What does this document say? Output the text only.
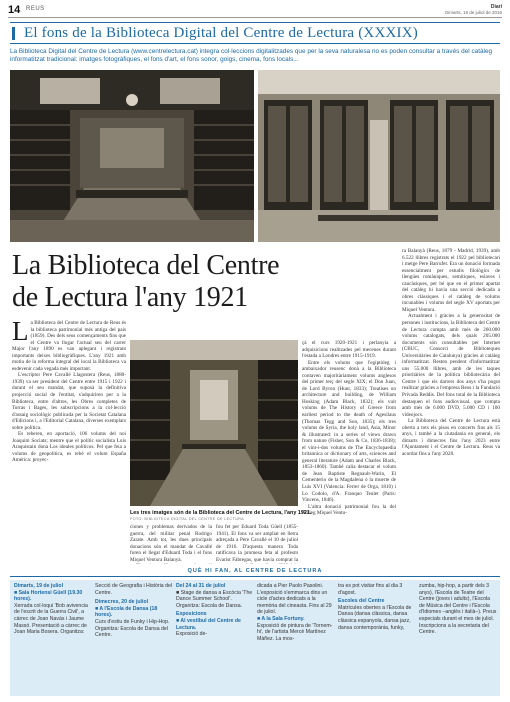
14 REUS	Diari
Dimarts, 19 de juliol de 2016
El fons de la Biblioteca Digital del Centre de Lectura (XXXIX)
La Biblioteca Digital del Centre de Lectura (www.centrelectura.cat) integra col·leccions digitalitzades que per la seva naturalesa no es poden consultar a través del catàleg informatitzat tradicional: imatges fotogràfiques, el fons d'art, el fons sonor, goigs, cinema, fons locals...
La Biblioteca del Centre de Lectura l'any 1921
Les tres imatges són de la Biblioteca del Centre de Lectura, l'any 1921.
FOTO: BIBLIOTECA DIGITAL DEL CENTRE DE LECTURA

La Biblioteca del Centre de Lectura de Reus és la biblioteca patrimonial més antiga del país (1859). Des dels seus començaments fins que el Centre va llogar l'actual seu del carrer Major l'any 1890 es van aplegant i registrant importants deixes bibliogràfiques. L'any 1921 amb motiu de la reforma integral del local la Biblioteca va esdevenir cada vegada més important.

L'escriptor Pere Cavallé Llagostera (Reus, 1880-1939) va ser president del Centre entre 1915 i 1922 i durant el seu mandat, que suposà la definitiva projecció social de l'entitat, s'adquiriren per a la Biblioteca, entre d'altres, les Obres completes de Torras i Bages, les subscripcions a la col·lecció d'assaig sociològic publicada per la Societat Catalana d'Edicions i, a l'Editorial Catalana, diverses exemplars sobre política.

Es reberen, en aportació, 106 volums del noi Joaquim Sociats; mentre que el polític socialista Luis Araquistain donà Los ideales políticos. Pel que feia a volums de geopolítica, es rebé el volum España América: proyec-

ciones y problemas derivados de la guerra, del militar penal Rodrigo Zarate. Amb tot, les dues principals donacions són el mandat de Cavallé foren el llegat d'Eduard Toda i el fons Miquel Ventura Balanyà.

fou fet per Eduard Toda Güell (1855-1941). El fons va ser ampliat en lletra adreçada a Pere Cavallé el 10 de juliol de 1916. D'aquesta manera Toda ratificava la promesa feta al profesm Evarist Fàbregas, que havia comprat la

çà el curs 1920-1921 i perlanyia a adquisicions realitzades pel mecenes durant l'estada a Londres entre 1915-1919.

Entre els volums que l'egiptòleg i ambaixador reusenc donà a la Biblioteca contaven majoritàriament volums anglesos del primer terç del segle XIX; el Don Juan, de Lord Byron (Hunt, 1833); Treatises on architecture and building, de William Hosking (Adam Black, 1832); els vuit volums de The History of Greece from earliest period to the death of Agesilaus (Thomas Tegg and Son, 1835); els tres volums de Syria, the holy land, Asia, Minor & illustrated: in a series of views drawn from nature (Fisher, Son & Co, 1836-1838); el vint-i-dos volums de The Encyclopaedia britannica or dictionary of arts, sciences and general literature (Adam and Charles Black, 1853-1860). També calia destacar el volum de Jean Baptiste Regnault-Warin, El Cementerio de la Magdalena ó la muerte de Luis XVI (Valencia: Ferrer de Orga, 1810) i Lo Codolo, d'A. Franquo Teulet (París: Vincens, 1846).

L'altra donació patrimonial fou la del filòleg Miquel Ventu-

ra Balanyà (Reus, 1879 - Madrid, 1939), amb 6.522 llibres registrats el 1922 pel bibliotecari i metge Pere Barrufet. Era un donació formada essencialment per estudis filològics de llengües romàniques, semítiques, eslaves i caucàsiques, per bé que en el primer apartat del catàleg hi havia una secció dedicada a obres clàssiques i el catàleg de volums incunables i volums del segle XV aportats per Miquel Ventura.

Actualment i gràcies a la generositat de persones i institucions, la Biblioteca del Centre de Lectura compta amb més de 260.000 volums catalogats, dels quals 205.000 documents són consultables per Internet (CBUC, Consorci de Biblioteques Universitàries de Catalunya) gràcies al catàleg informatitzat. Resten pendent d'informatitzar uns 55.000 llibres, amb de les taques prioritàries de la política bibliotecària del Centre i que els darrers dos anys s'ha pogut realitzar gràcies a l'empresa Reus i la Fundació Privada Reddis. Del fons total de la Biblioteca destaquen el fons audiovisual, que compta amb més de 6.000 DVD, 5.000 CD i 100 vídeojocs.

La Biblioteca del Centre de Lectura està oberta a tots els pisos en concerts fins als 15 anys, i també a la ciutadania en general, els dimarts i dimecres fins l'any 2023 entre l'Ajuntament i el Centre de Lectura. Reus va acordar fins a l'any 2028.

QUÈ HI FAN, AL CENTRE DE LECTURA
Dimarts, 19 de juliol
■ Sala Hortensi Güell (19.30 hores).
Xerrada col·loqui 'Bob avivencia de l'escrit de la Guerra Civil', a càrrec de Joan Navàs i Jaume Massó. Presentació a càrrec de Joan Maria Bosera. Organitza:
Secció de Geografia i Història del Centre.
Dimecres, 20 de juliol
■ A l'Escola de Dansa (18 hores).
Curs d'estiu de Funky i Hip-Hop. Organitza: Escola de Dansa del Centre.
Del 24 al 31 de juliol
■ Stage de dansa a Escòcia 'The Dance Summer School'. Organitza: Escola de Dansa.
Exposicions
■ Al vestíbul del Centre de Lectura.
Exposició de-
dicada a Pier Paolo Pasolini. L'exposició s'emmarca dins un cicle d'actes dedicats a la memòria del cineasta. Fins al 29 de juliol.
■ A la Sala Fortuny.
Exposició de pintura de 'Tornem-hi', de l'artista Mercè Martínez Màñez. La mos-
tra es pot visitar fins al dia 3 d'agost.
Escoles del Centre
Matrícules obertes a l'Escola de Dansa (dansa clàssica, dansa clàssica espanyola, dansa jazz, dansa contemporània, funky,
zumba, hip-hop, a partir dels 3 anys), l'Escola de Teatre del Centre (joves i adults), l'Escola de Música del Centre i l'Escola d'Idiomes –anglès i italià–). Preus especials durant el mes de juliol. Inscripcions a la secretaria del Centre.
